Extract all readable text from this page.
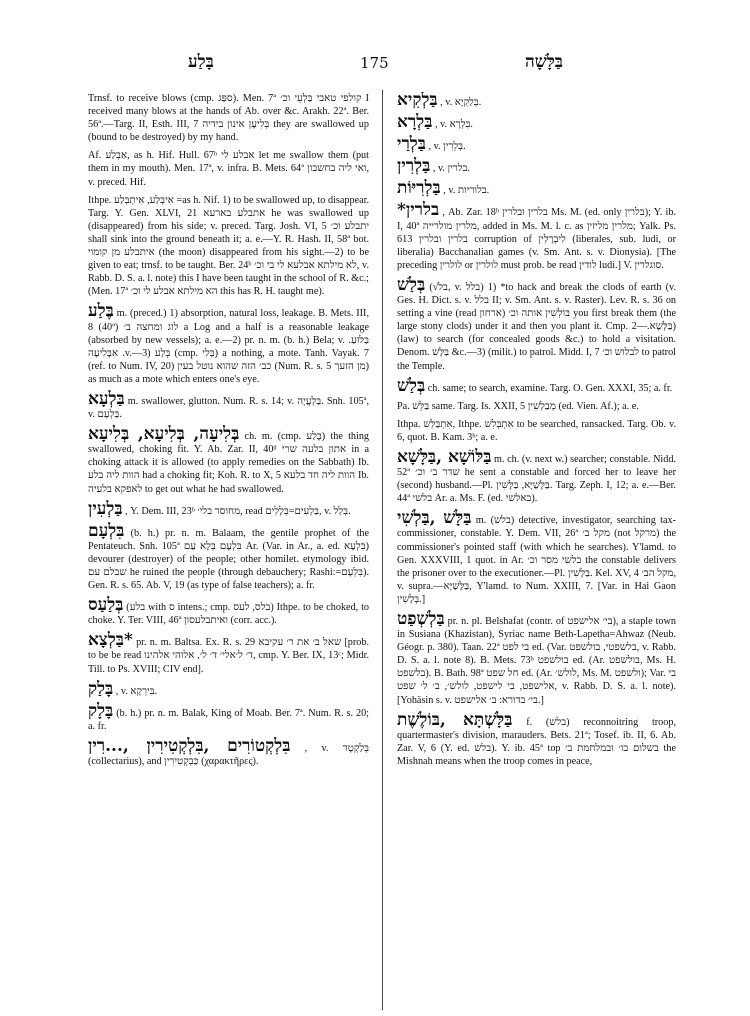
בָּלַע	175	בַּלָּשָׁה
Trnsf. to receive blows (cmp. ספַּג). Men. 7ª קולפי טאבי בַּלְעֵי וכ׳ I received many blows at the hands of Ab. over &c. Arakh. 22ª. Ber. 56ª.—Targ. II, Esth. III, 7 בְּלִיעָן אינון בידיה they are swallowed up (bound to be destroyed) by my hand.
Af. אַבְלַע, as h. Hif. Hull. 67ᵇ אבלע לי let me swallow them (put them in my mouth). Men. 17ª, v. infra. B. Mets. 64ª ואי ליה בחשבון, v. preced. Hif.
Ithpe. אִיבְּלַע, אִיתְבְּלַע =as h. Nif. 1) to be swallowed up, to disappear. Targ. Y. Gen. XLVI, 21 אתבלע בארעא he was swallowed up (disappeared) from his side; v. preced. Targ. Josh. VI, 5 יתבלע וכ׳ shall sink into the ground beneath it; a. e.—Y. R. Hash. II, 58ª bot. איתבלע מן קומוי (the moon) disappeared from his sight.—2) to be given to eat; trnsf. to be taught. Ber. 24ᵇ לא מילתא אבלעא לי בי וכ׳, v. Rabb. D. S. a. l. note) this I have been taught in the school of R. &c.; (Men. 17ª הא מילתא אבלע לי וכ׳ this has R. H. taught me).
בֶּלַע m. (preced.) 1) absorption, natural loss, leakage. B. Mets. III, 8 (40ª) לוג ומחצה ב׳ a Log and a half is a reasonable leakage (absorbed by new vessels); a. e.—2) pr. n. m. (b. h.) Bela; v. בַּלּוּעַ. אִבָּלִיעָה .v.—3) בְּלַע (cmp. בְּלִי) a nothing, a mote. Tanh. Vayak. 7 (ref. to Num. IV, 20) כב׳ הזה שהוא נוטל בעין (Num. R. s. 5 מן הזעך) as much as a mote which enters one's eye.
בַּלְעָא m. swallower, glutton. Num. R. s. 14; v. בַּלְעֲיָה. Snh. 105ª, v. בַּלְעָם.
בְּלִיעָה, בְּלִיעָא, בְּלִיעָא ch. m. (cmp. בֶּלַע) the thing swallowed, choking fit. Y. Ab. Zar. II, 40ᵈ אתון בלעה שרי in a choking attack it is allowed (to apply remedies on the Sabbath) Ib. הוות ליה בלע had a choking fit; Koh. R. to X, 5 הוות ליה חד בלעא Ib. לאפקא בלעיה to get out what he had swallowed.
בַּלְעִין , Y. Dem. III, 23ᵇ מחוסר בלי׳, read בַּלְעִים=בְּלָלִים, v. בְּלַל.
בִּלְעָם (b. h.) pr. n. m. Balaam, the gentile prophet of the Pentateuch. Snh. 105ª בִּלְעָם בְּלָא עַם Ar. (Var. in Ar., a. ed. בִּלְעָא) devourer (destroyer) of the people; other homilet. etymology ibid. שבלם עם he ruined the people (through debauchery; Rashi:=בִּלְעָם). Gen. R. s. 65. Ab. V, 19 (as type of false teachers); a. fr.
בְּלַעַס (בלע with ס intens.; cmp. בלס, לעס) Ithpe. to be choked, to choke. Y. Ter. VIII, 46ª ואיתבלעסון (corr. acc.).
*בַּלְצָא pr. n. m. Baltsa. Ex. R. s. 29 שאל ב׳ את ר׳ עקיבא [prob. to be be read ד׳ ל׳אלי׳ ד׳ ל׳, אלוהי אלהינו, cmp. Y. Ber. IX, 13ᶜ; Midr. Till. to Ps. XVIII; CIV end].
בָּלַק , v. בִּירְקָא.
בָּלָק (b. h.) pr. n. m. Balak, King of Moab. Ber. 7ª. Num. R. s. 20; a. fr.
בִּלְקְטוֹרִים ,בִּלְקְטִירִין ,...רִין , v. בְּלַקְטָר (collectarius), and כַּבְקְטִירִין (χαρακτῆρες).
בַּלְקִיא , v. בְּלַקְיָא.
בַּלְרָא , v. בִּלְרָא.
בַּלְרַי , v. בְּלֵרִין.
בַּלְרִין , v. בלרין.
בַּלְרִיּוֹת , v. בלוריות.
בלרין* , Ab. Zar. 18ᵇ בלרין ובלרין Ms. M. (ed. only בלרין); Y. ib. I, 40ª מלרין מולרייה, added in Ms. M. l. c. as מלרין מליזין; Yalk. Ps. 613 בלרין ובלרין corruption of לִיבְרָלִין (liberales, sub. ludi, or liberalia) Bacchanalian games (v. Sm. Ant. s. v. Dionysia). [The preceding לולרין or לולרין must prob. be read לודין ludi.] V. סוגלרין.
בְּלַשׁ (√בל, v. בלל) 1) *to hack and break the clods of earth (v. Ges. H. Dict. s. v. בלל II; v. Sm. Ant. s. v. Raster). Lev. R. s. 36 on setting a vine (read ארחון) בּוֹלְשִׁין אותה וכ׳ you first break them (the large stony clods) under it and then you plant it. Cmp. בַּלָּשָׁא.—2) (law) to search (for concealed goods &c.) to hold a visitation. Denom. בַּלָּשׁ &c.—3) (milit.) to patrol. Midd. I, 7 לבלוש וכ׳ to patrol the Temple.
בְּלַשׁ ch. same; to search, examine. Targ. O. Gen. XXXI, 35; a. fr.
Pa. בַּלֵּשׁ same. Targ. Is. XXII, 5 מְבַלְשִׁין (ed. Vien. Af.); a. e.
Ithpa. אִתְבַּלֵּשׁ, Ithpe. אִתְבְּלִשׁ to be searched, ransacked. Targ. Ob. v. 6, quot. B. Kam. 3ᵇ; a. e.
בַּלּוֹשָׁא ,בַּלָּשָׁא m. ch. (v. next w.) searcher; constable. Nidd. 52ª שדר ב׳ וכ׳ he sent a constable and forced her to leave her (second) husband.—Pl. בַּלָּשַׁיָּא, בַּלָּשִׁין. Targ. Zeph. I, 12; a. e.—Ber. 44ª בלשי Ar. a. Ms. F. (ed. באלשי).
בַּלָּשׁ ,בַּלְשִׁי m. (בלש) detective, investigator, searching tax-commissioner, constable. Y. Dem. VII, 26ª מקל ב׳ (not מרקל) the commissioner's pointed staff (with which he searches). Y'lamd. to Gen. XXXVIII, 1 quot. in Ar. בלשי מסר וכ׳ the constable delivers the prisoner over to the executioner.—Pl. בַּלָּשִׁין. Kel. XV, 4 מקל הב׳, v. supra.—בַּלָּשַׁיָּא, Y'lamd. to Num. XXIII, 7. [Var. in Hai Gaon בְּלָשִׁין.]
בַּלְשְׁפַט pr. n. pl. Belshafat (contr. of בי׳ אלישפט), a staple town in Susiana (Khazistan), Syriac name Beth-Lapetha=Ahwaz (Neub. Géogr. p. 380). Taan. 22ª בי לפט ed. (Var. בלשפטי, בולשפט, v. Rabb. D. S. a. l. note 8). B. Mets. 73ᵇ בולשפט ed. (Ar. בולשפט, Ms. H. בלשפט). B. Bath. 98ª חל שפט ed. (Ar. לולש׳, Ms. M. ולשפט); Var. בי אלישפט, בי לישפט, לולש׳, ב׳ ל׳ שפט, v. Rabb. D. S. a. l. note). [Yohäsin s. v. בי׳ בדורא: ב׳ אלישפט.]
בַּלָּשְׁתָּא ,בּוֹלֶשֶׁת f. (בלש) reconnoitring troop, quartermaster's division, marauders. Bets. 21ª; Tosef. ib. II, 6. Ab. Zar. V, 6 (Y. ed. בלש). Y. ib. 45ª top בשלום בו׳ ובמלחמת ב׳ the Mishnah means when the troop comes in peace,
